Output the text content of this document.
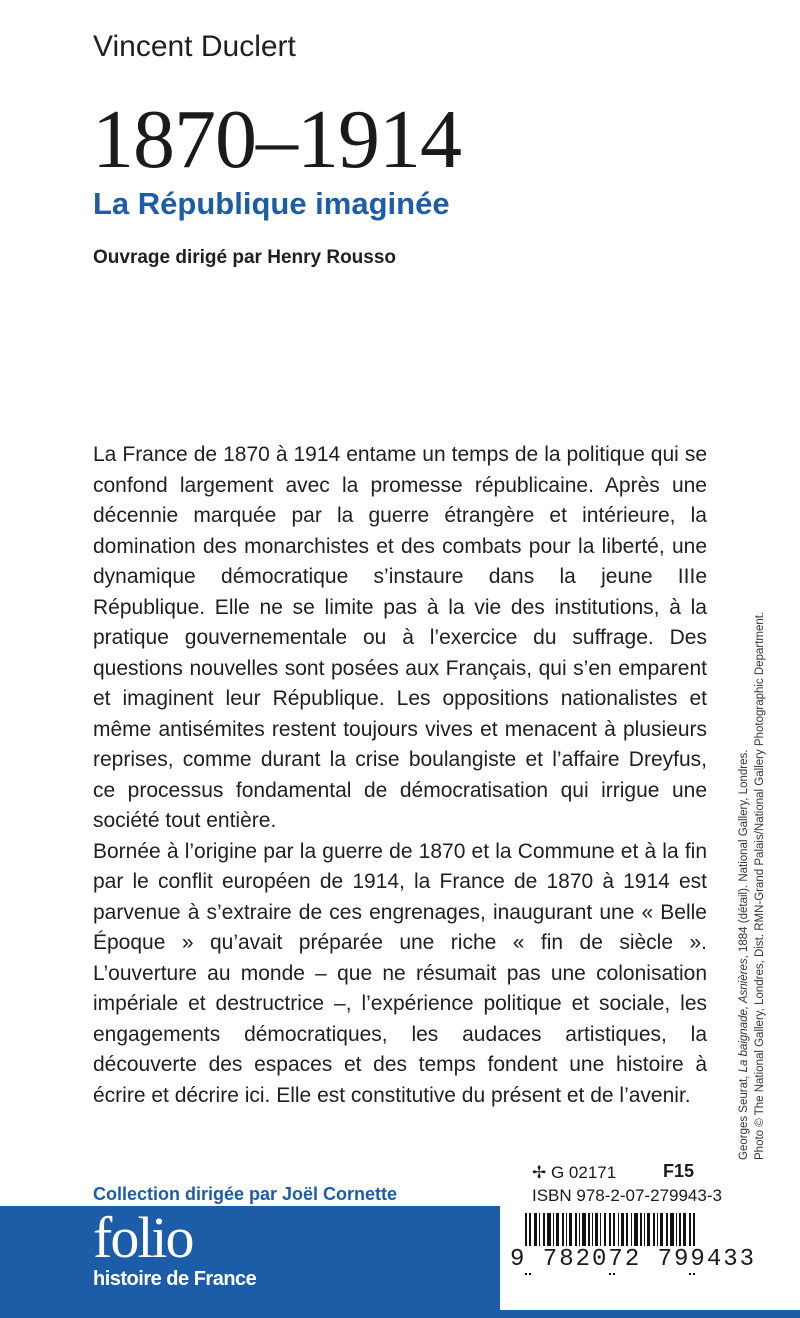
Vincent Duclert
1870–1914
La République imaginée
Ouvrage dirigé par Henry Rousso

La France de 1870 à 1914 entame un temps de la politique qui se confond largement avec la promesse républicaine. Après une décennie marquée par la guerre étrangère et intérieure, la domination des monarchistes et des combats pour la liberté, une dynamique démocratique s’instaure dans la jeune IIIe République. Elle ne se limite pas à la vie des institutions, à la pratique gouvernementale ou à l’exercice du suffrage. Des questions nouvelles sont posées aux Français, qui s’en emparent et imaginent leur République. Les oppositions nationalistes et même antisémites restent toujours vives et menacent à plusieurs reprises, comme durant la crise boulangiste et l’affaire Dreyfus, ce processus fondamental de démocratisation qui irrigue une société tout entière.

Bornée à l’origine par la guerre de 1870 et la Commune et à la fin par le conflit européen de 1914, la France de 1870 à 1914 est parvenue à s’extraire de ces engrenages, inaugurant une « Belle Époque » qu’avait préparée une riche « fin de siècle ». L’ouverture au monde – que ne résumait pas une colonisation impériale et destructrice –, l’expérience politique et sociale, les engagements démocratiques, les audaces artistiques, la découverte des espaces et des temps fondent une histoire à écrire et décrire ici. Elle est constitutive du présent et de l’avenir.	Georges Seurat, La baignade, Asnières, 1884 (détail). National Gallery, Londres. Photo © The National Gallery, Londres, Dist. RMN-Grand Palais/National Gallery Photographic Department.
Collection dirigée par Joël Cornette
folio
histoire de France
✢ G 02171	F15
ISBN 978-2-07-279943-3
9 782072 799433
